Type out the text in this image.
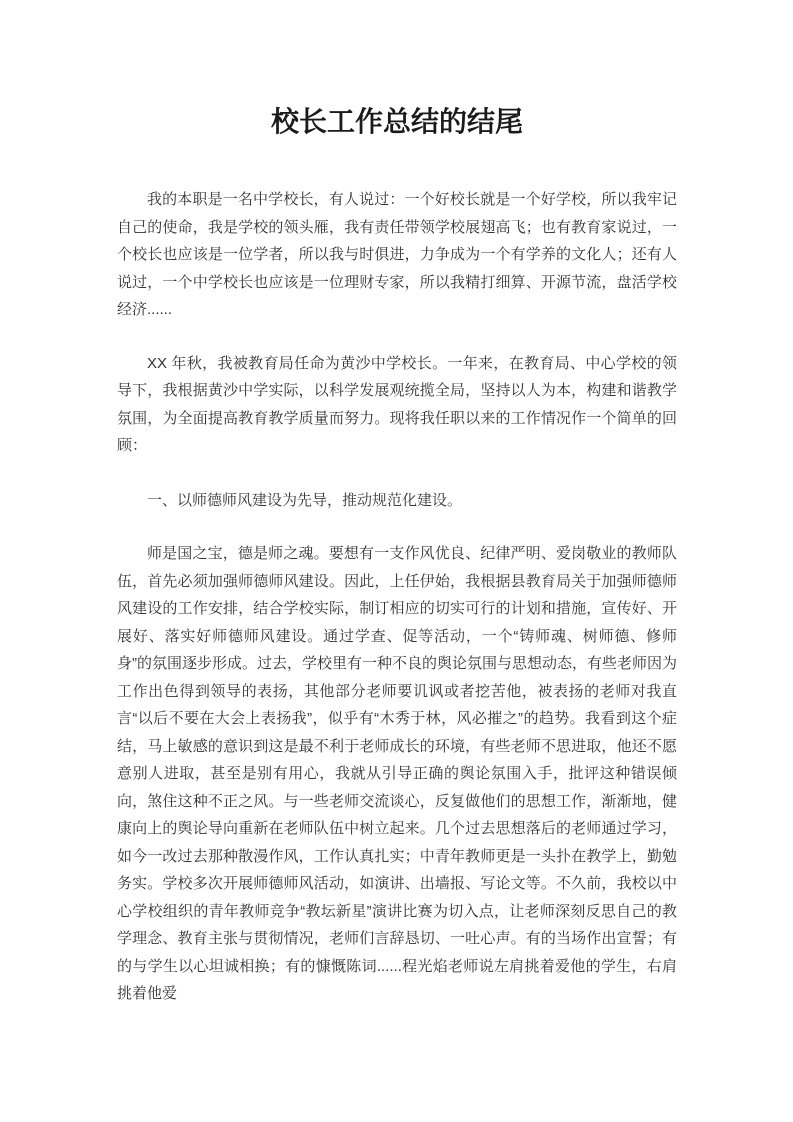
校长工作总结的结尾

我的本职是一名中学校长，有人说过：一个好校长就是一个好学校，所以我牢记自己的使命，我是学校的领头雁，我有责任带领学校展翅高飞；也有教育家说过，一个校长也应该是一位学者，所以我与时俱进，力争成为一个有学养的文化人；还有人说过，一个中学校长也应该是一位理财专家，所以我精打细算、开源节流，盘活学校经济......

XX 年秋，我被教育局任命为黄沙中学校长。一年来，在教育局、中心学校的领导下，我根据黄沙中学实际，以科学发展观统揽全局，坚持以人为本，构建和谐教学氛围，为全面提高教育教学质量而努力。现将我任职以来的工作情况作一个简单的回顾：

一、以师德师风建设为先导，推动规范化建设。

师是国之宝，德是师之魂。要想有一支作风优良、纪律严明、爱岗敬业的教师队伍，首先必须加强师德师风建设。因此，上任伊始，我根据县教育局关于加强师德师风建设的工作安排，结合学校实际，制订相应的切实可行的计划和措施，宣传好、开展好、落实好师德师风建设。通过学查、促等活动，一个“铸师魂、树师德、修师身”的氛围逐步形成。过去，学校里有一种不良的舆论氛围与思想动态，有些老师因为工作出色得到领导的表扬，其他部分老师要讥讽或者挖苦他，被表扬的老师对我直言“以后不要在大会上表扬我”，似乎有“木秀于林，风必摧之”的趋势。我看到这个症结，马上敏感的意识到这是最不利于老师成长的环境，有些老师不思进取，他还不愿意别人进取，甚至是别有用心，我就从引导正确的舆论氛围入手，批评这种错误倾向，煞住这种不正之风。与一些老师交流谈心，反复做他们的思想工作，渐渐地，健康向上的舆论导向重新在老师队伍中树立起来。几个过去思想落后的老师通过学习，如今一改过去那种散漫作风，工作认真扎实；中青年教师更是一头扑在教学上，勤勉务实。学校多次开展师德师风活动，如演讲、出墙报、写论文等。不久前，我校以中心学校组织的青年教师竞争“教坛新星”演讲比赛为切入点，让老师深刻反思自己的教学理念、教育主张与贯彻情况，老师们言辞恳切、一吐心声。有的当场作出宣誓；有的与学生以心坦诚相换；有的慷慨陈词......程光焰老师说左肩挑着爱他的学生，右肩挑着他爱
